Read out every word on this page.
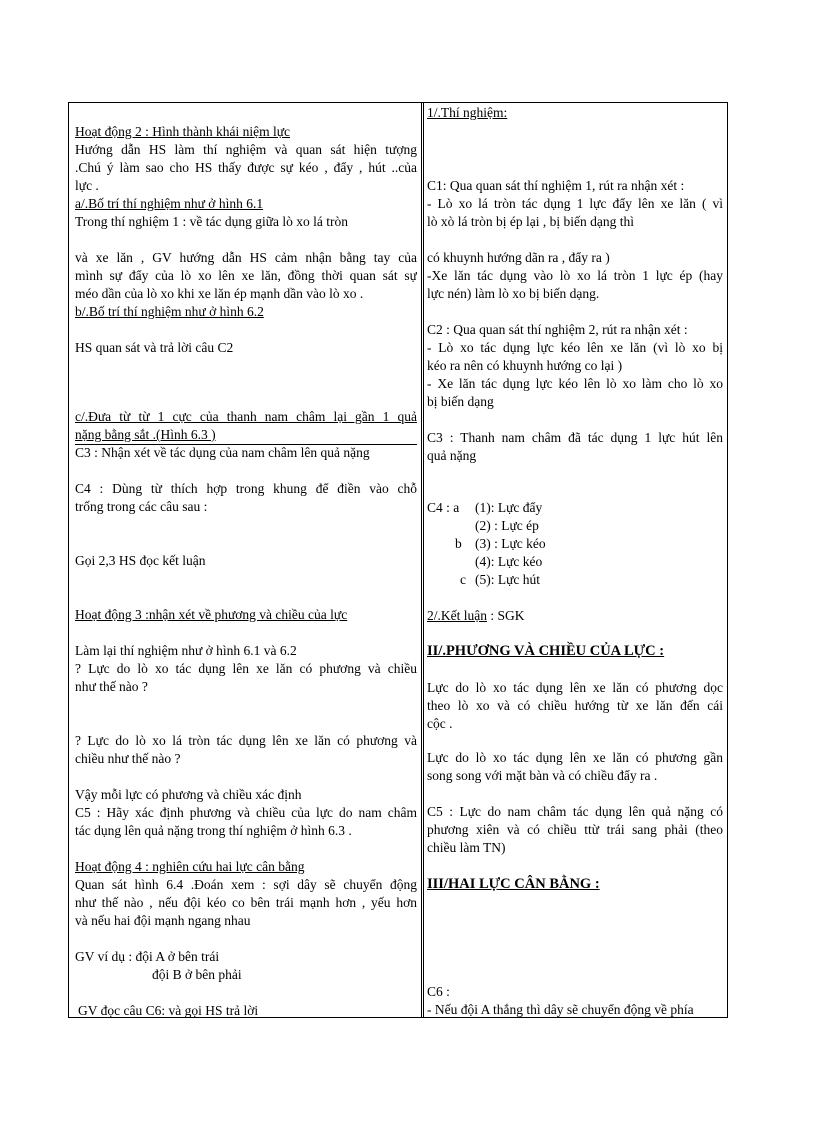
Hoạt động 2 : Hình thành khái niệm lực
Hướng dẫn HS làm thí nghiệm và quan sát hiện tượng
.Chú ý làm sao cho HS thấy được sự kéo , đẩy , hút ..của
lực .
a/.Bố trí thí nghiệm như ở hình 6.1
Trong thí nghiệm 1 : về tác dụng giữa lò xo lá tròn
và xe lăn , GV hướng dẫn HS cảm nhận bằng tay của
mình sự đẩy của lò xo lên xe lăn, đồng thời quan sát sự
méo dần của lò xo khi xe lăn ép mạnh dần vào lò xo .
b/.Bố trí thí nghiệm như ở hình 6.2
HS quan sát và trả lời câu C2
c/.Đưa từ từ 1 cực của thanh nam châm lại gần 1 quả
nặng bằng sắt .(Hình 6.3 )
C3 : Nhận xét về tác dụng của nam châm lên quả nặng
C4 : Dùng từ thích hợp trong khung để điền vào chỗ
trống trong các câu sau :
Gọi 2,3 HS đọc kết luận
Hoạt động 3 :nhận xét về phương và chiều của lực
Làm lại thí nghiệm như ở hình 6.1 và 6.2
? Lực do lò xo tác dụng lên xe lăn có phương và chiều
như thế nào ?
? Lực do lò xo lá tròn tác dụng lên xe lăn có phương và
chiều như thế nào ?
Vậy mỗi lực có phương và chiều xác định
C5 : Hãy xác định phương và chiều của lực do nam châm
tác dụng lên quả nặng trong thí nghiệm ở hình 6.3 .
Hoạt động 4 : nghiên cứu hai lực cân bằng
Quan sát hình 6.4 .Đoán xem : sợi dây sẽ chuyển động
như thế nào , nếu đội kéo co bên trái mạnh hơn , yếu hơn
và nếu hai đội mạnh ngang nhau
GV ví dụ : đội A ở bên trái
đội B ở bên phải
GV đọc câu C6: và gọi HS trả lời
1/.Thí nghiệm:
C1: Qua quan sát thí nghiệm 1, rút ra nhận xét :
- Lò xo lá tròn tác dụng 1 lực đẩy lên xe lăn ( vì
lò xò lá tròn bị ép lại , bị biến dạng thì
có khuynh hướng dãn ra , đẩy ra )
-Xe lăn tác dụng vào lò xo lá tròn 1 lực ép (hay
lực nén) làm lò xo bị biến dạng.
C2 : Qua quan sát thí nghiệm 2, rút ra nhận xét :
- Lò xo tác dụng lực kéo lên xe lăn (vì lò xo bị
kéo ra nên có khuynh hướng co lại )
- Xe lăn tác dụng lực kéo lên lò xo làm cho lò xo
bị biến dạng
C3 : Thanh nam châm đã tác dụng 1 lực hút lên
quả nặng
C4 : a	(1): Lực đẩy
(2) : Lực ép
b (3) : Lực kéo
(4): Lực kéo
c (5): Lực hút
2/.Kết luận : SGK
II/.PHƯƠNG VÀ CHIỀU CỦA LỰC :
Lực do lò xo tác dụng lên xe lăn có phương dọc
theo lò xo và có chiều hướng từ xe lăn đến cái
cộc .
Lực do lò xo tác dụng lên xe lăn có phương gần
song song với mặt bàn và có chiều đẩy ra .
C5 : Lực do nam châm tác dụng lên quả nặng có
phương xiên và có chiều ttừ trái sang phải (theo
chiều làm TN)
III/HAI LỰC CÂN BẰNG :
C6 :
- Nếu đội A thắng thì dây sẽ chuyển động về phía
